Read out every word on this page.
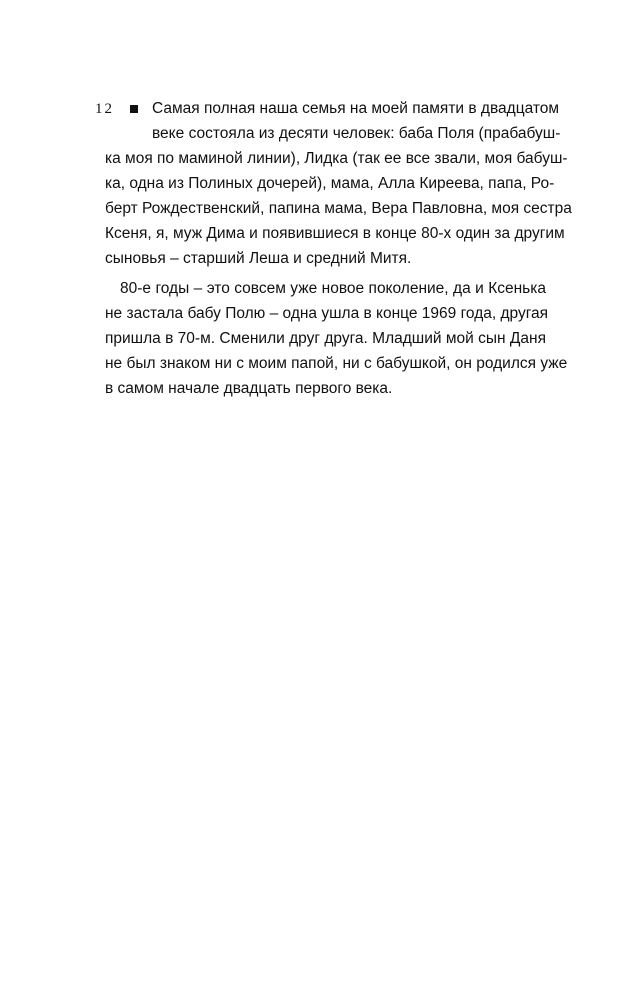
12 Самая полная наша семья на моей памяти в двадцатом
веке состояла из десяти человек: баба Поля (прабабуш-
ка моя по маминой линии), Лидка (так ее все звали, моя бабуш-
ка, одна из Полиных дочерей), мама, Алла Киреева, папа, Ро-
берт Рождественский, папина мама, Вера Павловна, моя сестра
Ксеня, я, муж Дима и появившиеся в конце 80-х один за другим
сыновья – старший Леша и средний Митя.
80-е годы – это совсем уже новое поколение, да и Ксенька
не застала бабу Полю – одна ушла в конце 1969 года, другая
пришла в 70-м. Сменили друг друга. Младший мой сын Даня
не был знаком ни с моим папой, ни с бабушкой, он родился уже
в самом начале двадцать первого века.
